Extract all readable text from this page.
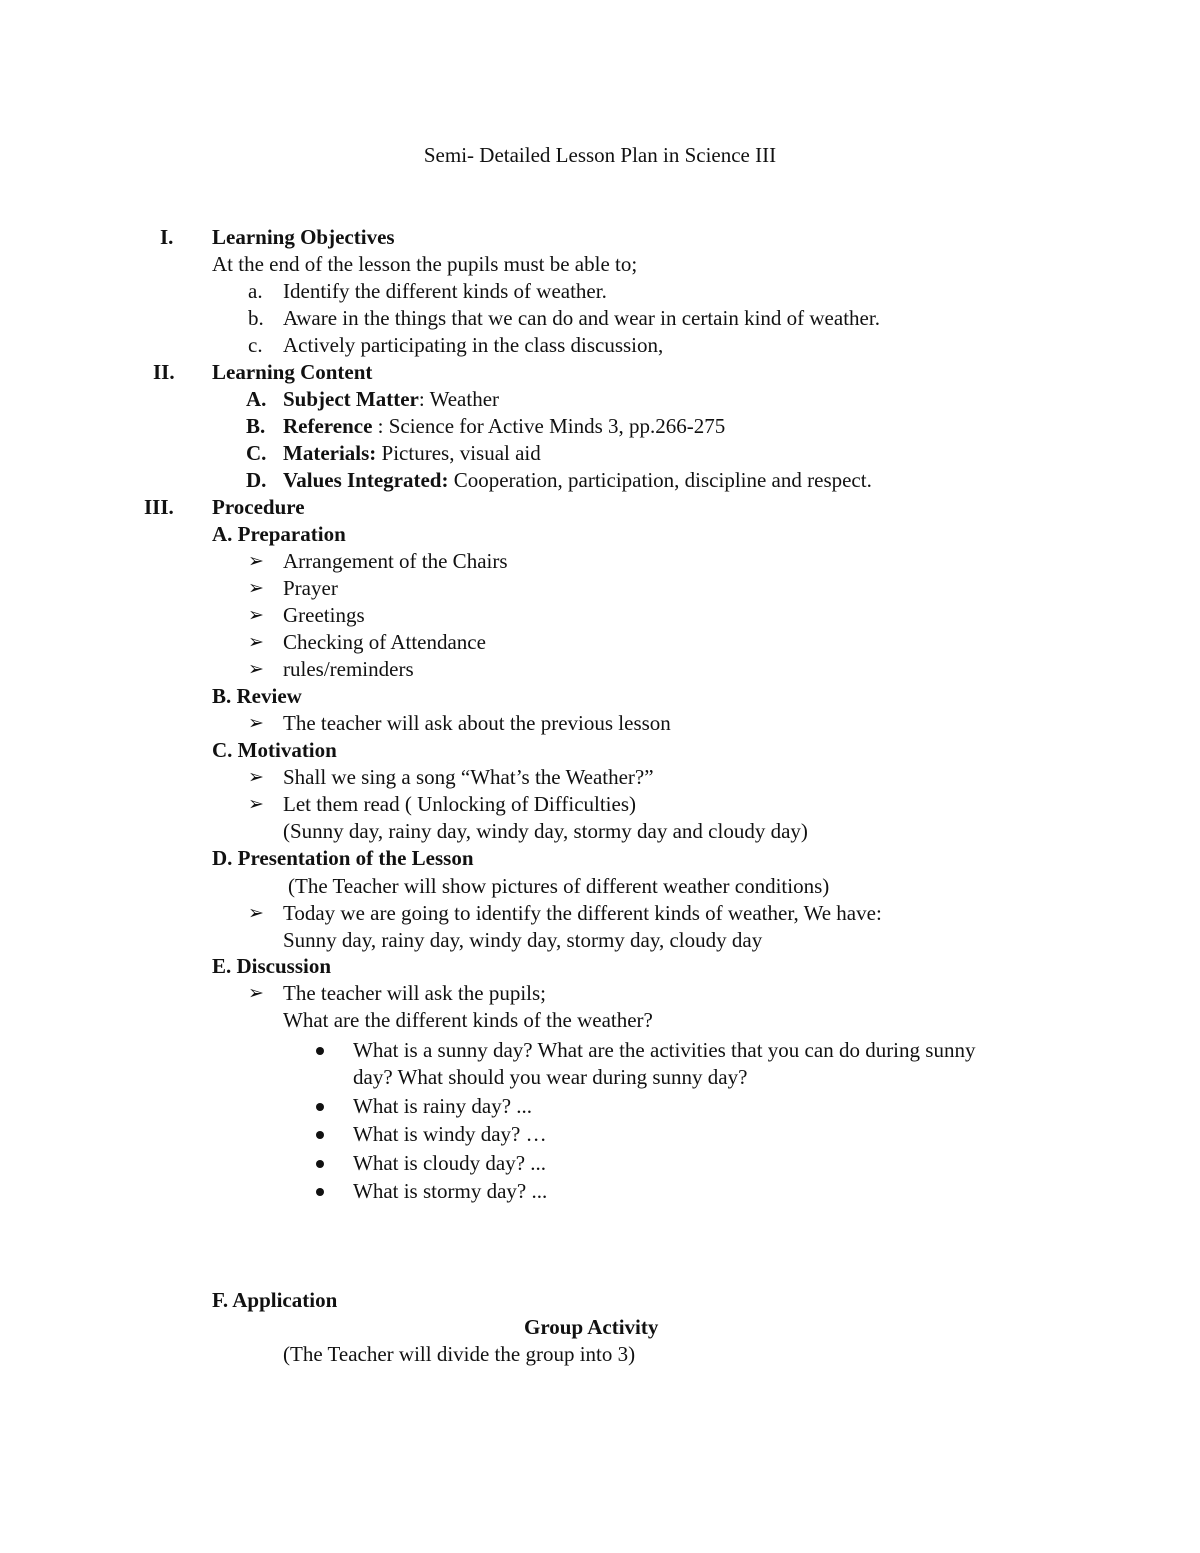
Semi- Detailed Lesson Plan in Science III
I. Learning Objectives
At the end of the lesson the pupils must be able to;
a. Identify the different kinds of weather.
b. Aware in the things that we can do and wear in certain kind of weather.
c. Actively participating in the class discussion,
II. Learning Content
A. Subject Matter: Weather
B. Reference : Science for Active Minds 3, pp.266-275
C. Materials: Pictures, visual aid
D. Values Integrated: Cooperation, participation, discipline and respect.
III. Procedure
A. Preparation
➢ Arrangement of the Chairs
➢ Prayer
➢ Greetings
➢ Checking of Attendance
➢ rules/reminders
B. Review
➢ The teacher will ask about the previous lesson
C. Motivation
➢ Shall we sing a song “What’s the Weather?”
➢ Let them read ( Unlocking of Difficulties)
(Sunny day, rainy day, windy day, stormy day and cloudy day)
D. Presentation of the Lesson
(The Teacher will show pictures of different weather conditions)
➢ Today we are going to identify the different kinds of weather, We have:
Sunny day, rainy day, windy day, stormy day, cloudy day
E. Discussion
➢ The teacher will ask the pupils;
What are the different kinds of the weather?
What is a sunny day? What are the activities that you can do during sunny
day? What should you wear during sunny day?
What is rainy day? ...
What is windy day? …
What is cloudy day? ...
What is stormy day? ...
F. Application
Group Activity
(The Teacher will divide the group into 3)
